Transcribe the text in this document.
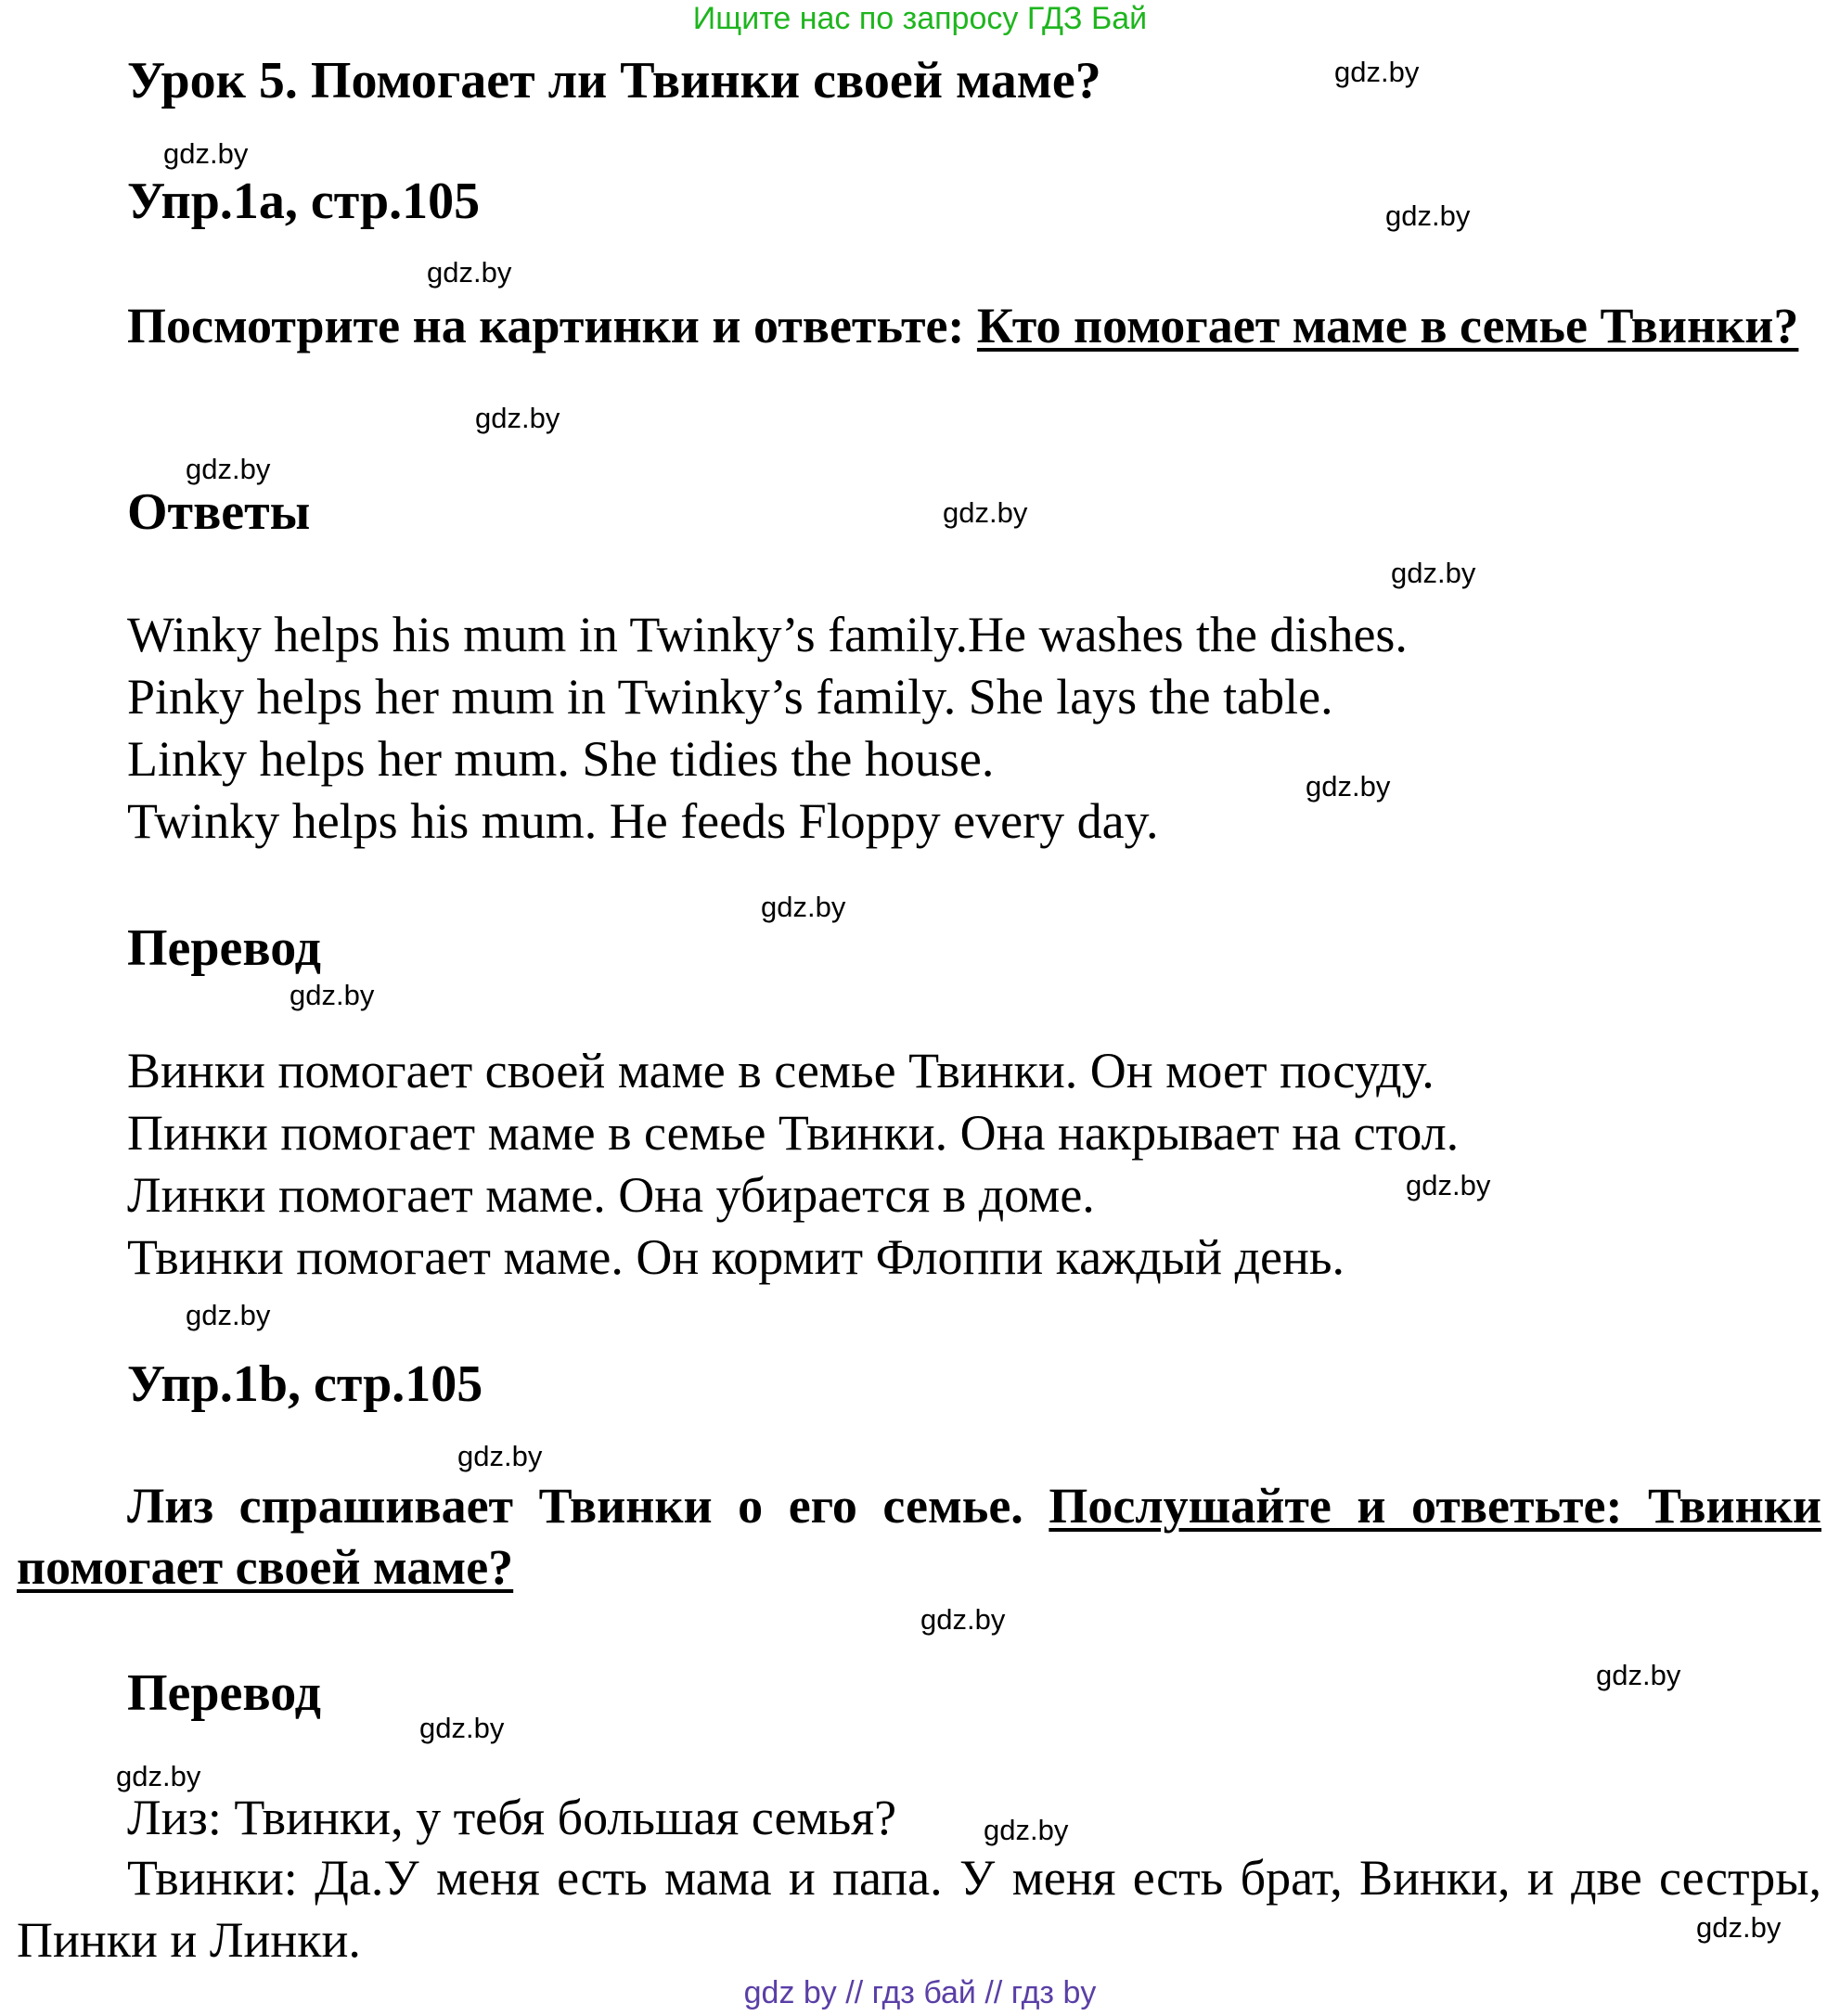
Ищите нас по запросу ГДЗ Бай
Урок 5. Помогает ли Твинки своей маме?
Упр.1a, стр.105
Посмотрите на картинки и ответьте: Кто помогает маме в семье Твинки?
Ответы
Winky helps his mum in Twinky’s family.He washes the dishes.
Pinky helps her mum in Twinky’s family. She lays the table.
Linky helps her mum. She tidies the house.
Twinky helps his mum. He feeds Floppy every day.
Перевод
Винки помогает своей маме в семье Твинки. Он моет посуду.
Пинки помогает маме в семье Твинки. Она накрывает на стол.
Линки помогает маме. Она убирается в доме.
Твинки помогает маме. Он кормит Флоппи каждый день.
Упр.1b, стр.105
Лиз спрашивает Твинки о его семье. Послушайте и ответьте: Твинки помогает своей маме?
Перевод
Лиз: Твинки, у тебя большая семья?
Твинки: Да.У меня есть мама и папа. У меня есть брат, Винки, и две сестры, Пинки и Линки.
gdz.by
gdz.by
gdz.by
gdz.by
gdz.by
gdz.by
gdz.by
gdz.by
gdz.by
gdz.by
gdz.by
gdz.by
gdz.by
gdz.by
gdz.by
gdz.by
gdz.by
gdz.by
gdz.by
gdz.by
gdz by // гдз бай // гдз by
